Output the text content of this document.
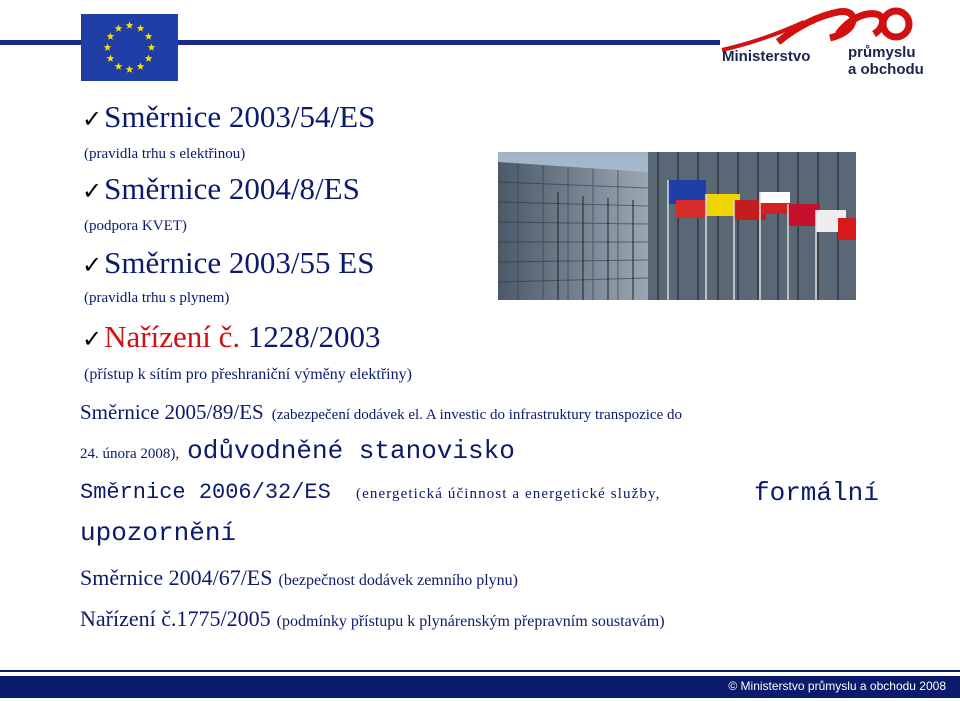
Ministerstvo	průmyslu
a obchodu
✓Směrnice 2003/54/ES
(pravidla trhu s elektřinou)
✓Směrnice 2004/8/ES
(podpora KVET)
✓Směrnice 2003/55 ES
(pravidla trhu s plynem)
✓Nařízení č. 1228/2003
(přístup k sítím pro přeshraniční výměny elektřiny)
Směrnice 2005/89/ES (zabezpečení dodávek el. A investic do infrastruktury transpozice do
24. února 2008), odůvodněné stanovisko
Směrnice 2006/32/ES (energetická účinnost a energetické služby,	formální
upozornění
Směrnice 2004/67/ES (bezpečnost dodávek zemního plynu)
Nařízení č.1775/2005 (podmínky přístupu k plynárenským přepravním soustavám)
© Ministerstvo průmyslu a obchodu 2008
